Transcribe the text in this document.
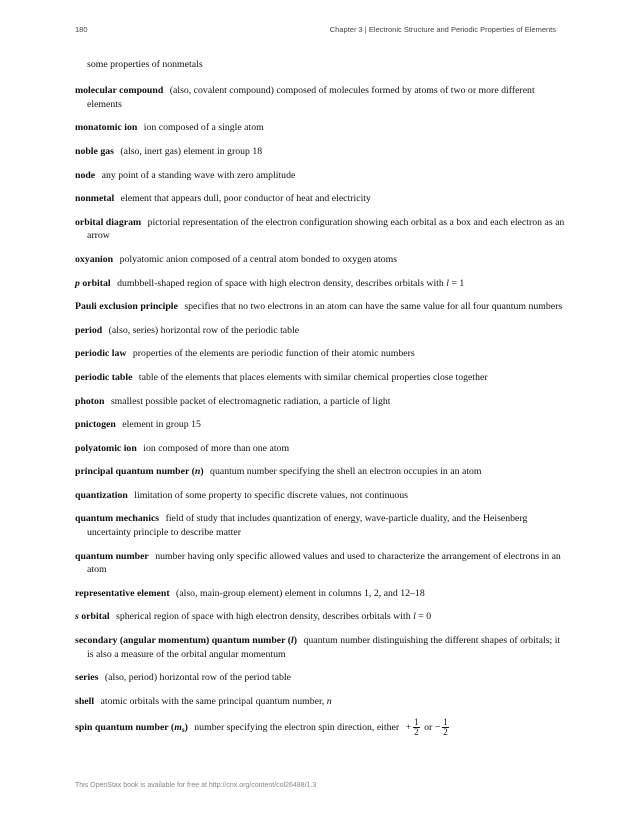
180	Chapter 3 | Electronic Structure and Periodic Properties of Elements

some properties of nonmetals

molecular compound (also, covalent compound) composed of molecules formed by atoms of two or more different elements

monatomic ion ion composed of a single atom

noble gas (also, inert gas) element in group 18

node any point of a standing wave with zero amplitude

nonmetal element that appears dull, poor conductor of heat and electricity

orbital diagram pictorial representation of the electron configuration showing each orbital as a box and each electron as an arrow

oxyanion polyatomic anion composed of a central atom bonded to oxygen atoms

p orbital dumbbell-shaped region of space with high electron density, describes orbitals with l = 1

Pauli exclusion principle specifies that no two electrons in an atom can have the same value for all four quantum numbers

period (also, series) horizontal row of the periodic table

periodic law properties of the elements are periodic function of their atomic numbers

periodic table table of the elements that places elements with similar chemical properties close together

photon smallest possible packet of electromagnetic radiation, a particle of light

pnictogen element in group 15

polyatomic ion ion composed of more than one atom

principal quantum number (n) quantum number specifying the shell an electron occupies in an atom

quantization limitation of some property to specific discrete values, not continuous

quantum mechanics field of study that includes quantization of energy, wave-particle duality, and the Heisenberg uncertainty principle to describe matter

quantum number number having only specific allowed values and used to characterize the arrangement of electrons in an atom

representative element (also, main-group element) element in columns 1, 2, and 12–18

s orbital spherical region of space with high electron density, describes orbitals with l = 0

secondary (angular momentum) quantum number (l) quantum number distinguishing the different shapes of orbitals; it is also a measure of the orbital angular momentum

series (also, period) horizontal row of the period table

shell atomic orbitals with the same principal quantum number, n

spin quantum number $(m_s)$ number specifying the electron spin direction, either + $\frac{1}{2}$ or − $\frac{1}{2}$

This OpenStax book is available for free at http://cnx.org/content/col26488/1.3
